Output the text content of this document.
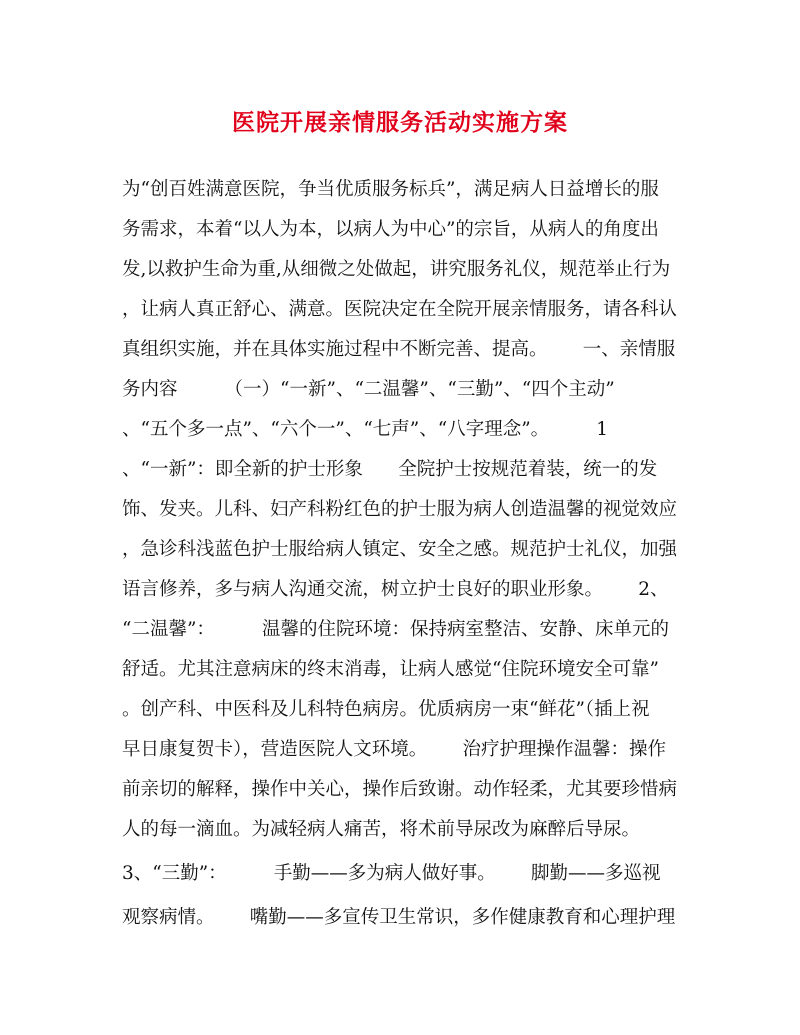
医院开展亲情服务活动实施方案
为“创百姓满意医院，争当优质服务标兵”，满足病人日益增长的服
务需求，本着“以人为本，以病人为中心”的宗旨，从病人的角度出
发,以救护生命为重,从细微之处做起，讲究服务礼仪，规范举止行为
，让病人真正舒心、满意。医院决定在全院开展亲情服务，请各科认
真组织实施，并在具体实施过程中不断完善、提高。      一、亲情服
务内容        （一）“一新”、“二温馨”、“三勤”、“四个主动”
、“五个多一点”、“六个一”、“七声”、“八字理念”。        1
、“一新”：即全新的护士形象      全院护士按规范着装，统一的发
饰、发夹。儿科、妇产科粉红色的护士服为病人创造温馨的视觉效应
，急诊科浅蓝色护士服给病人镇定、安全之感。规范护士礼仪，加强
语言修养，多与病人沟通交流，树立护士良好的职业形象。      2、
“二温馨”：        温馨的住院环境：保持病室整洁、安静、床单元的
舒适。尤其注意病床的终末消毒，让病人感觉“住院环境安全可靠”
。创产科、中医科及儿科特色病房。优质病房一束“鲜花”（插上祝
早日康复贺卡），营造医院人文环境。      治疗护理操作温馨：操作
前亲切的解释，操作中关心，操作后致谢。动作轻柔，尤其要珍惜病
人的每一滴血。为减轻病人痛苦，将术前导尿改为麻醉后导尿。
3、“三勤”：        手勤——多为病人做好事。      脚勤——多巡视
观察病情。      嘴勤——多宣传卫生常识，多作健康教育和心理护理
